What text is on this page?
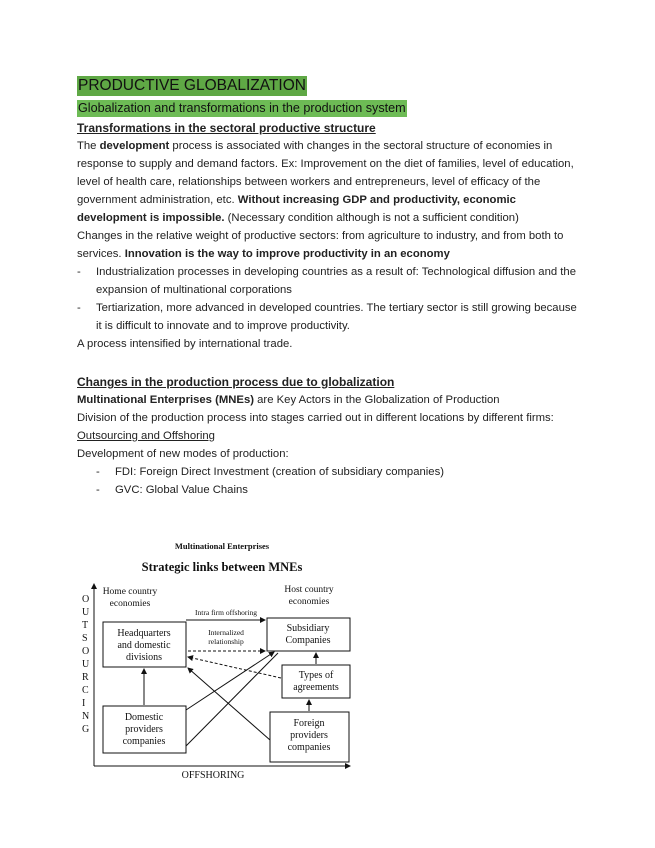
PRODUCTIVE GLOBALIZATION
Globalization and transformations in the production system
Transformations in the sectoral productive structure

The development process is associated with changes in the sectoral structure of economies in response to supply and demand factors. Ex: Improvement on the diet of families, level of education, level of health care, relationships between workers and entrepreneurs, level of efficacy of the government administration, etc. Without increasing GDP and productivity, economic development is impossible. (Necessary condition although is not a sufficient condition)

Changes in the relative weight of productive sectors: from agriculture to industry, and from both to services. Innovation is the way to improve productivity in an economy

- Industrialization processes in developing countries as a result of: Technological diffusion and the expansion of multinational corporations
- Tertiarization, more advanced in developed countries. The tertiary sector is still growing because it is difficult to innovate and to improve productivity.

A process intensified by international trade.

Changes in the production process due to globalization

Multinational Enterprises (MNEs) are Key Actors in the Globalization of Production

Division of the production process into stages carried out in different locations by different firms: Outsourcing and Offshoring

Development of new modes of production:

- FDI: Foreign Direct Investment (creation of subsidiary companies)
- GVC: Global Value Chains
Multinational Enterprises
Strategic links between MNEs
Home country
economies
Host country
economies
O
U
T
S
O
U
R
C
I
N
G
OFFSHORING
Headquarters
and domestic
divisions
Subsidiary
Companies
Types of
agreements
Domestic
providers
companies
Foreign
providers
companies
Intra firm offshoring
Internalized
relationship
